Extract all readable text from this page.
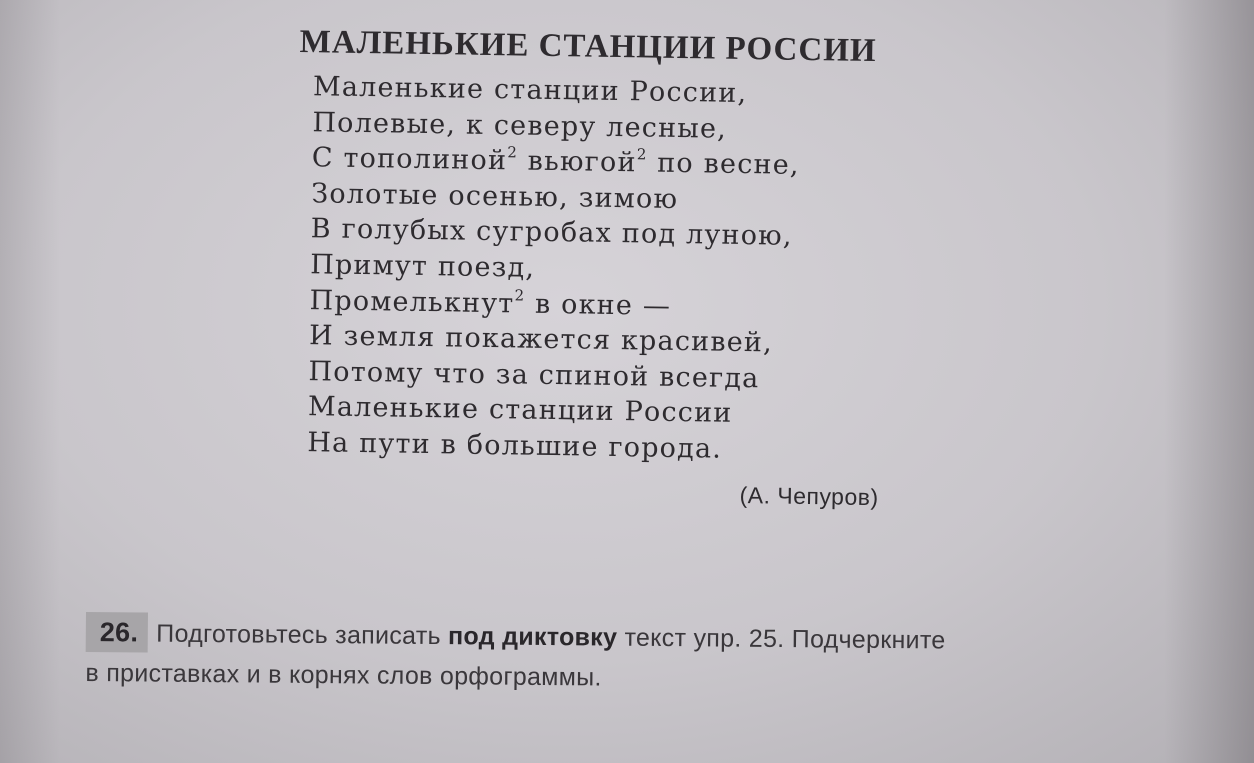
МАЛЕНЬКИЕ СТАНЦИИ РОССИИ
Маленькие станции России,
Полевые, к северу лесные,
С тополиной$^2$ вьюгой$^2$ по весне,
Золотые осенью, зимою
В голубых сугробах под луною,
Примут поезд,
Промелькнут$^2$ в окне —
И земля покажется красивей,
Потому что за спиной всегда
Маленькие станции России
На пути в большие города.
(А. Чепуров)
26. Подготовьтесь записать под диктовку текст упр. 25. Подчеркните
в приставках и в корнях слов орфограммы.
